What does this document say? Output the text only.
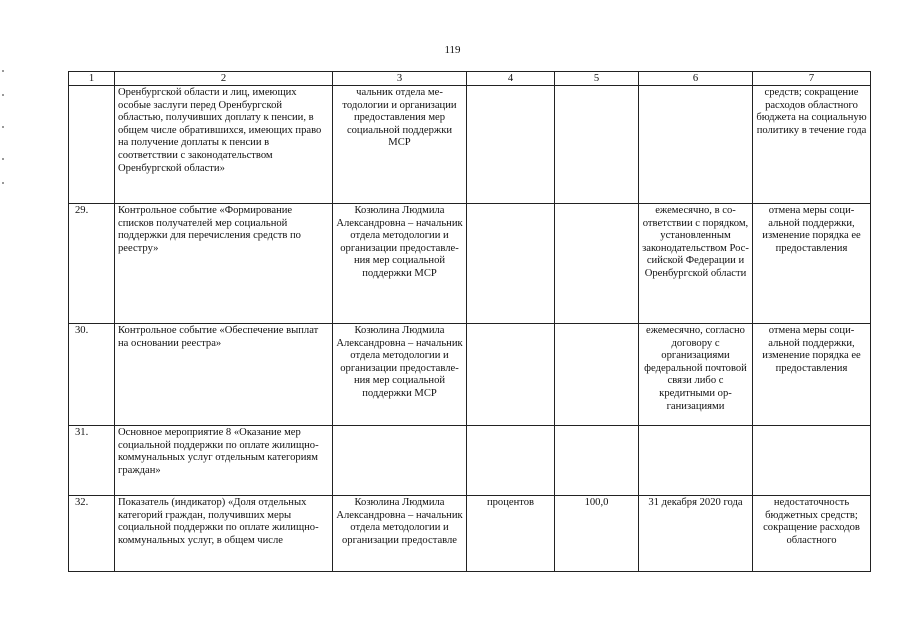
119
1	2	3	4	5	6	7
	Оренбургской области и лиц, имеющих особые заслуги перед Оренбургской областью, получивших доплату к пенсии, в общем числе обратившихся, имеющих право на получение доплаты к пенсии в соответствии с законодательством Оренбургской области»	чальник отдела методологии и организации предоставления мер социальной поддержки МСР				средств; сокращение расходов областного бюджета на социальную политику в течение года
29.	Контрольное событие «Формирование списков получателей мер социальной поддержки для перечисления средств по реестру»	Козюлина Людмила Александровна – начальник отдела методологии и организации предоставления мер социальной поддержки МСР			ежемесячно, в соответствии с порядком, установленным законодательством Российской Федерации и Оренбургской области	отмена меры социальной поддержки, изменение порядка ее предоставления
30.	Контрольное событие «Обеспечение выплат на основании реестра»	Козюлина Людмила Александровна – начальник отдела методологии и организации предоставления мер социальной поддержки МСР			ежемесячно, согласно договору с организациями федеральной почтовой связи либо с кредитными организациями	отмена меры социальной поддержки, изменение порядка ее предоставления
31.	Основное мероприятие 8 «Оказание мер социальной поддержки по оплате жилищно-коммунальных услуг отдельным категориям граждан»					
32.	Показатель (индикатор) «Доля отдельных категорий граждан, получивших меры социальной поддержки по оплате жилищно-коммунальных услуг, в общем числе	Козюлина Людмила Александровна – начальник отдела методологии и организации предоставле	процентов	100,0	31 декабря 2020 года	недостаточность бюджетных средств; сокращение расходов областного
